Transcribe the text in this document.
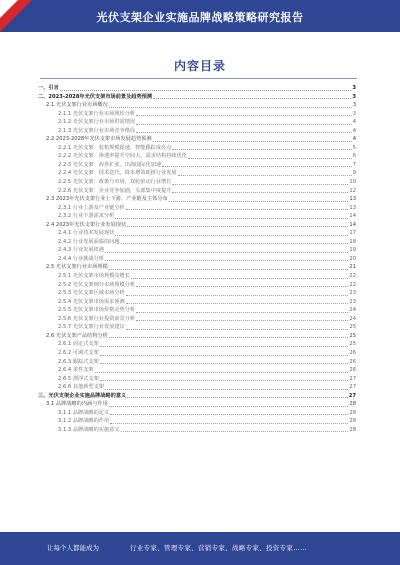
光伏支架企业实施品牌战略策略研究报告
内容目录
一、引言	3
二、2023-2028年光伏支架市场前景及趋势预测	3
2.1 光伏支架行业市场概况	3
2.1.1 光伏支架行业市场现状分析	3
2.1.2 光伏支架行业市场供需情况	4
2.1.3 光伏支架行业市场竞争格局	4
2.2 2023-2028年光伏支架市场发展趋势预测	4
2.2.1 光伏支架：装机规模提速，智能跟踪成亮点	5
2.2.2 光伏支架：渗透率提升空间大，需求结构持续优化	6
2.2.3 光伏支架：海外扩张，出海国际化加速	7
2.2.4 光伏支架：技术迭代，降本增效助推行业发展	9
2.2.5 光伏支架：政策与市场，双轮驱动行业增长	10
2.2.6 光伏支架：企业竞争加剧，头部集中度提升	12
2.3 2023年光伏支架行业上下游、产业链及主体分布	13
2.3.1 行业上游及产业链分析	13
2.3.2 行业下游需求分析	14
2.4 2023年光伏支架行业发展现状	14
2.4.1 行业技术发展现状	17
2.4.2 行业发展面临的问题	18
2.4.3 行业发展机遇	19
2.4.4 行业挑战分析	20
2.5 光伏支架行业市场规模	21
2.5.1 光伏支架市场规模及增长	22
2.5.2 光伏支架细分市场规模分析	22
2.5.3 光伏支架区域市场分析	23
2.5.4 光伏支架市场需求预测	23
2.5.5 光伏支架市场价格走势分析	24
2.5.6 光伏支架行业投资前景分析	24
2.5.7 光伏支架行业发展建议	25
2.6 光伏支架产品结构分析	25
2.6.1 固定式支架	25
2.6.2 可调式支架	26
2.6.3 跟踪式支架	26
2.6.4 柔性支架	26
2.6.5 漂浮式支架	27
2.6.6 其他新型支架	27
三、光伏支架企业实施品牌战略的意义	27
3.1 品牌战略的内涵与作用	28
3.1.1 品牌战略的定义	28
3.1.2 品牌战略的作用	28
3.1.3 品牌战略的实施意义	28
让每个人都能成为	行业专家、管理专家、营销专家、战略专家、投资专家……
